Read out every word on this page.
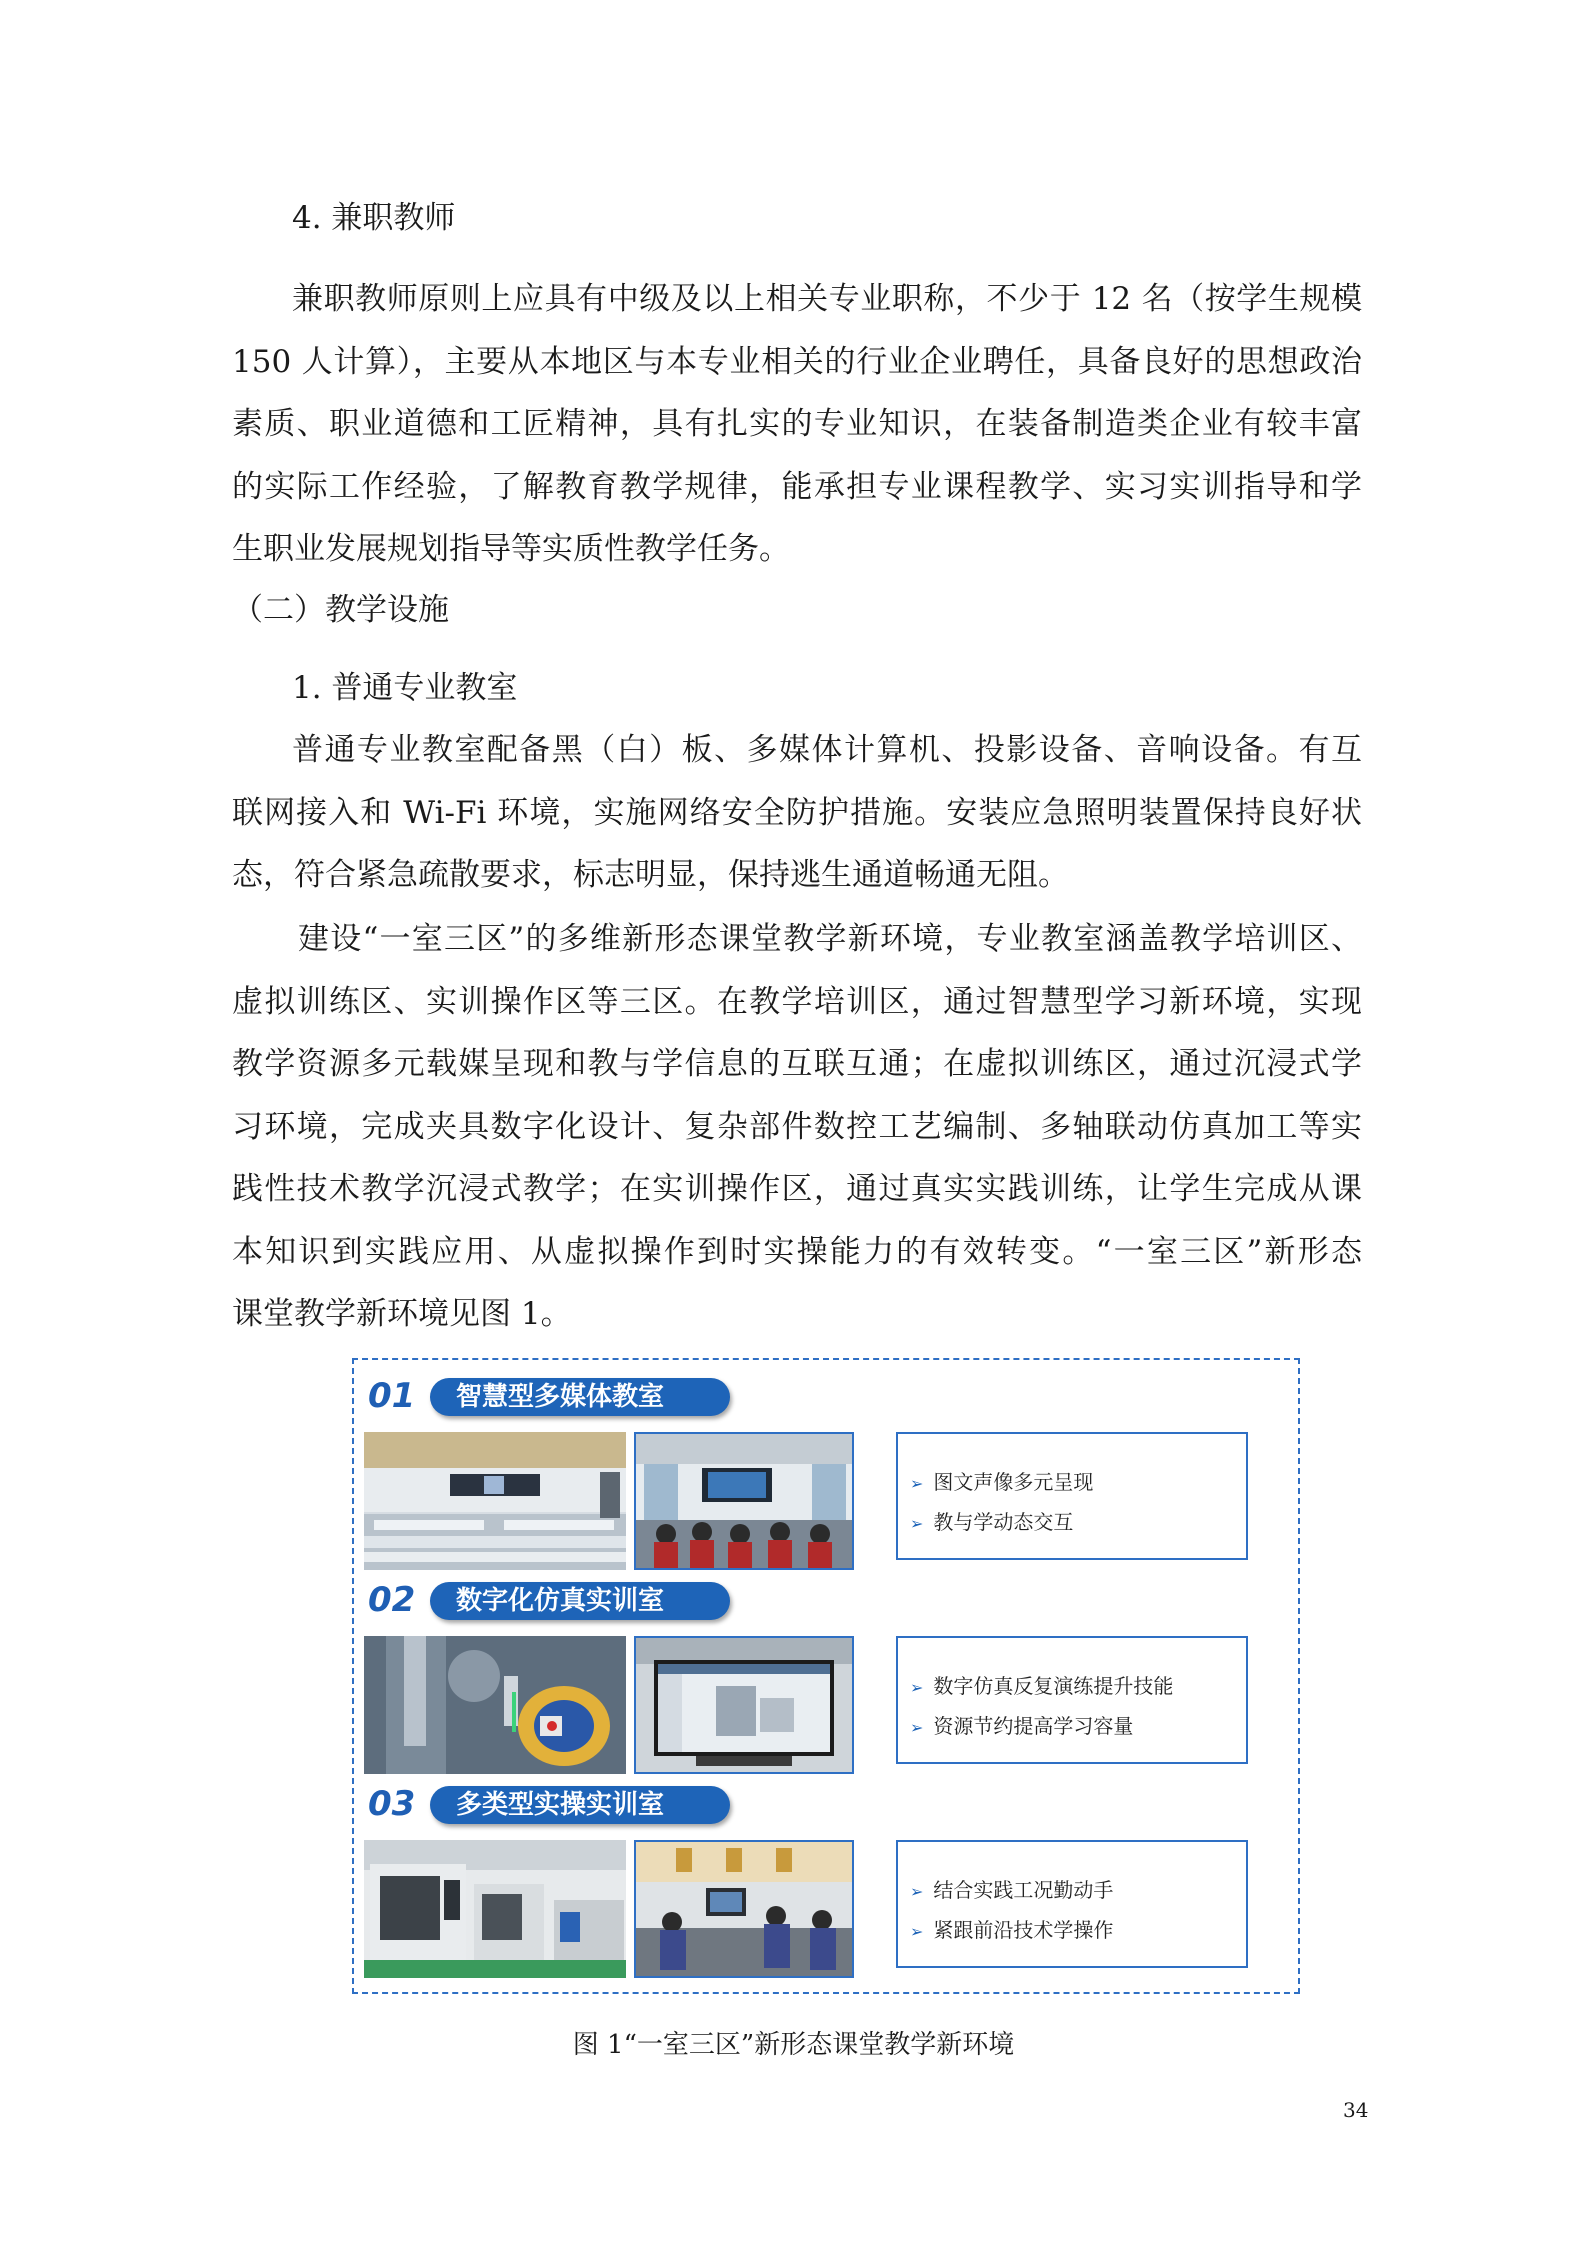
4. 兼职教师
兼职教师原则上应具有中级及以上相关专业职称，不少于 12 名（按学生规模
150 人计算），主要从本地区与本专业相关的行业企业聘任，具备良好的思想政治
素质、职业道德和工匠精神，具有扎实的专业知识，在装备制造类企业有较丰富
的实际工作经验，了解教育教学规律，能承担专业课程教学、实习实训指导和学
生职业发展规划指导等实质性教学任务。
（二）教学设施
1. 普通专业教室
普通专业教室配备黑（白）板、多媒体计算机、投影设备、音响设备。有互
联网接入和 Wi-Fi 环境，实施网络安全防护措施。安装应急照明装置保持良好状
态，符合紧急疏散要求，标志明显，保持逃生通道畅通无阻。
建设“一室三区”的多维新形态课堂教学新环境，专业教室涵盖教学培训区、
虚拟训练区、实训操作区等三区。在教学培训区，通过智慧型学习新环境，实现
教学资源多元载媒呈现和教与学信息的互联互通；在虚拟训练区，通过沉浸式学
习环境，完成夹具数字化设计、复杂部件数控工艺编制、多轴联动仿真加工等实
践性技术教学沉浸式教学；在实训操作区，通过真实实践训练，让学生完成从课
本知识到实践应用、从虚拟操作到时实操能力的有效转变。“一室三区”新形态
课堂教学新环境见图 1。
01	智慧型多媒体教室
➢ 图文声像多元呈现
➢ 教与学动态交互
02	数字化仿真实训室
➢ 数字仿真反复演练提升技能
➢ 资源节约提高学习容量
03	多类型实操实训室
➢ 结合实践工况勤动手
➢ 紧跟前沿技术学操作
图 1“一室三区”新形态课堂教学新环境
34
